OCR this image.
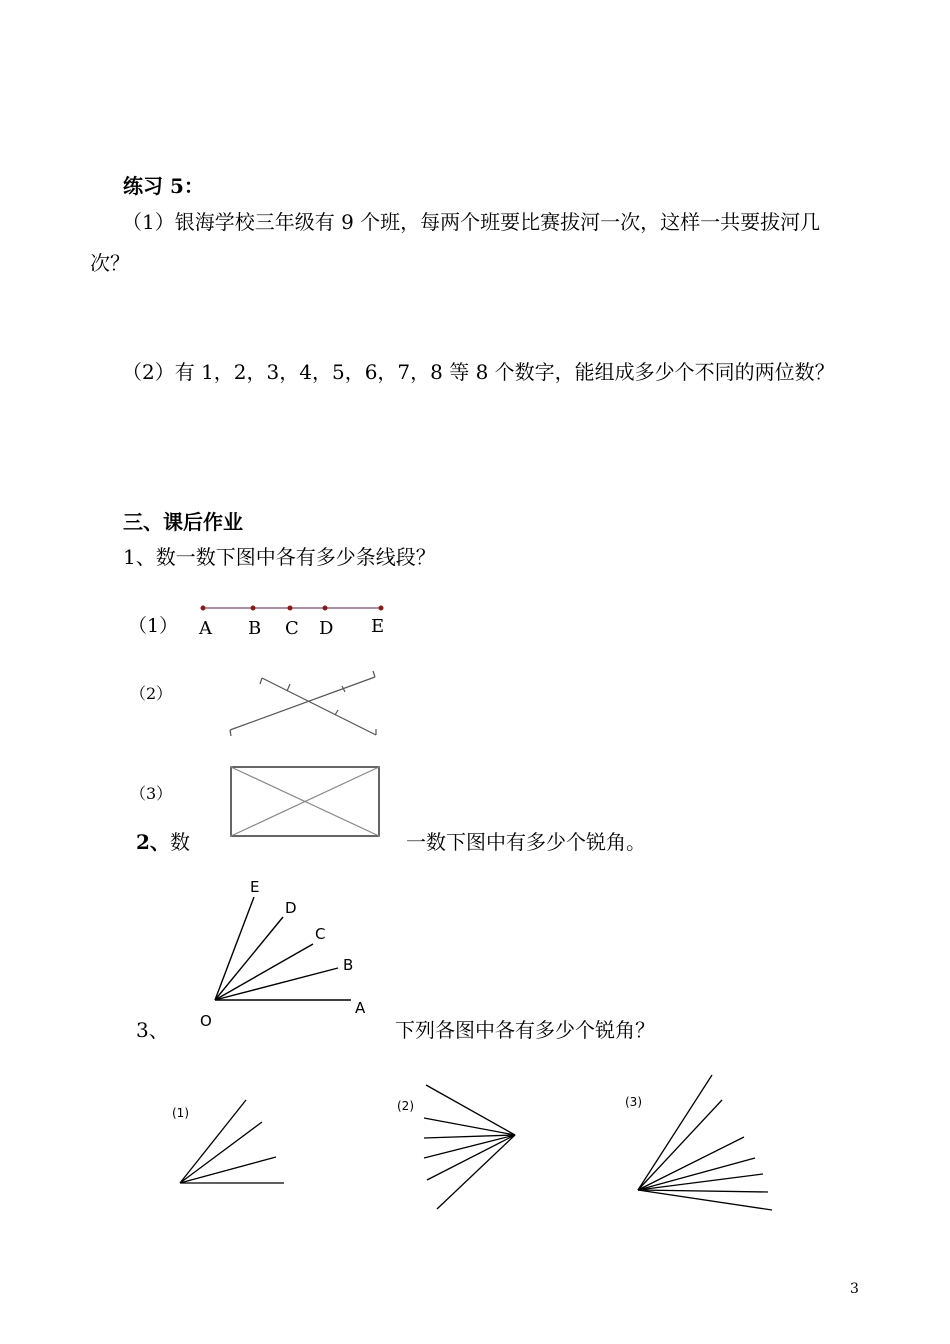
练习 5：
（1）银海学校三年级有 9 个班，每两个班要比赛拔河一次，这样一共要拔河几
次？
（2）有 1，2，3，4，5，6，7，8 等 8 个数字，能组成多少个不同的两位数？
三、课后作业
1、数一数下图中各有多少条线段？
（1）
（2）
（3）
2、 数	一数下图中有多少个锐角。
3、	下列各图中各有多少个锐角？
A B C D E
E
D
C
B
A
O
(1)	(2)	(3)
3
